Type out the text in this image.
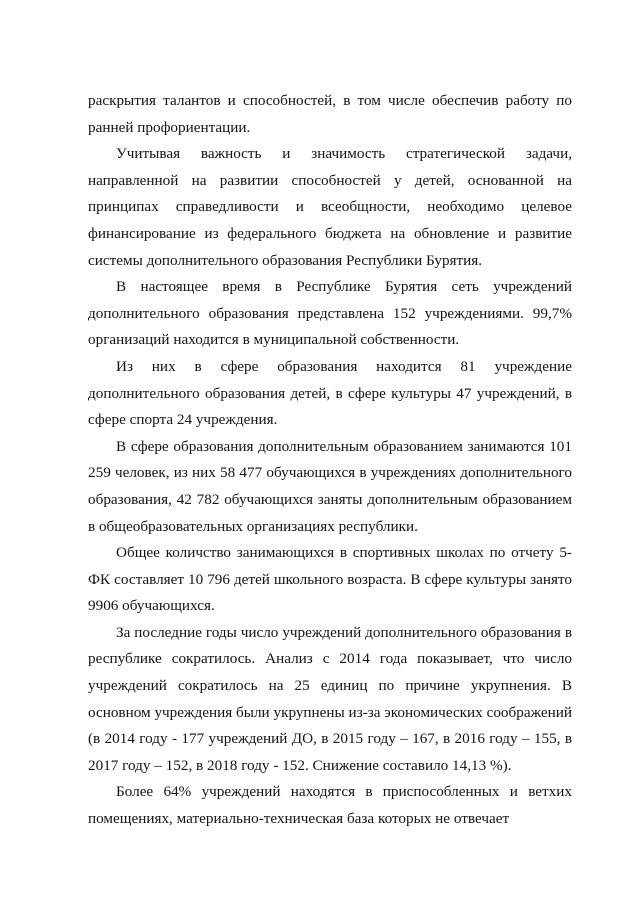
раскрытия талантов и способностей, в том числе обеспечив работу по ранней профориентации.

Учитывая важность и значимость стратегической задачи, направленной на развитии способностей у детей, основанной на принципах справедливости и всеобщности, необходимо целевое финансирование из федерального бюджета на обновление и развитие системы дополнительного образования Республики Бурятия.

В настоящее время в Республике Бурятия сеть учреждений дополнительного образования представлена 152 учреждениями. 99,7% организаций находится в муниципальной собственности.

Из них в сфере образования находится 81 учреждение дополнительного образования детей, в сфере культуры 47 учреждений, в сфере спорта 24 учреждения.

В сфере образования дополнительным образованием занимаются 101 259 человек, из них 58 477 обучающихся в учреждениях дополнительного образования, 42 782 обучающихся заняты дополнительным образованием в общеобразовательных организациях республики.

Общее количство занимающихся в спортивных школах по отчету 5-ФК составляет 10 796 детей школьного возраста. В сфере культуры занято 9906 обучающихся.

За последние годы число учреждений дополнительного образования в республике сократилось. Анализ с 2014 года показывает, что число учреждений сократилось на 25 единиц по причине укрупнения. В основном учреждения были укрупнены из-за экономических соображений (в 2014 году - 177 учреждений ДО, в 2015 году – 167, в 2016 году – 155, в 2017 году – 152, в 2018 году - 152. Снижение составило 14,13 %).

Более 64% учреждений находятся в приспособленных и ветхих помещениях, материально-техническая база которых не отвечает
